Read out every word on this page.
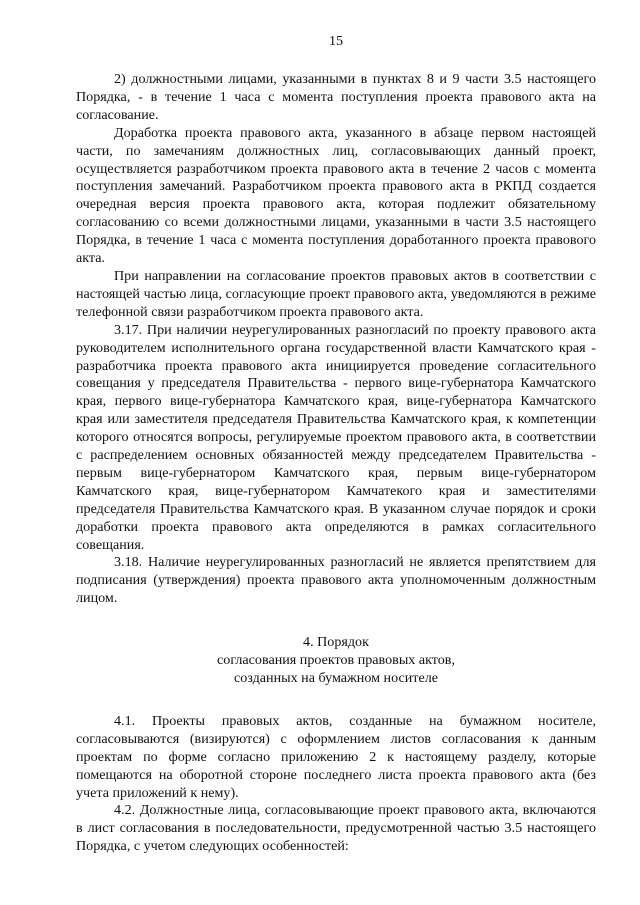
15

2) должностными лицами, указанными в пунктах 8 и 9 части 3.5 настоящего Порядка, - в течение 1 часа с момента поступления проекта правового акта на согласование.

Доработка проекта правового акта, указанного в абзаце первом настоящей части, по замечаниям должностных лиц, согласовывающих данный проект, осуществляется разработчиком проекта правового акта в течение 2 часов с момента поступления замечаний. Разработчиком проекта правового акта в РКПД создается очередная версия проекта правового акта, которая подлежит обязательному согласованию со всеми должностными лицами, указанными в части 3.5 настоящего Порядка, в течение 1 часа с момента поступления доработанного проекта правового акта.

При направлении на согласование проектов правовых актов в соответствии с настоящей частью лица, согласующие проект правового акта, уведомляются в режиме телефонной связи разработчиком проекта правового акта.

3.17. При наличии неурегулированных разногласий по проекту правового акта руководителем исполнительного органа государственной власти Камчатского края - разработчика проекта правового акта инициируется проведение согласительного совещания у председателя Правительства - первого вице-губернатора Камчатского края, первого вице-губернатора Камчатского края, вице-губернатора Камчатского края или заместителя председателя Правительства Камчатского края, к компетенции которого относятся вопросы, регулируемые проектом правового акта, в соответствии с распределением основных обязанностей между председателем Правительства - первым вице-губернатором Камчатского края, первым вице-губернатором Камчатского края, вице-губернатором Камчатекого края и заместителями председателя Правительства Камчатского края. В указанном случае порядок и сроки доработки проекта правового акта определяются в рамках согласительного совещания.

3.18. Наличие неурегулированных разногласий не является препятствием для подписания (утверждения) проекта правового акта уполномоченным должностным лицом.

4. Порядок
согласования проектов правовых актов,
созданных на бумажном носителе

4.1. Проекты правовых актов, созданные на бумажном носителе, согласовываются (визируются) с оформлением листов согласования к данным проектам по форме согласно приложению 2 к настоящему разделу, которые помещаются на оборотной стороне последнего листа проекта правового акта (без учета приложений к нему).

4.2. Должностные лица, согласовывающие проект правового акта, включаются в лист согласования в последовательности, предусмотренной частью 3.5 настоящего Порядка, с учетом следующих особенностей:
